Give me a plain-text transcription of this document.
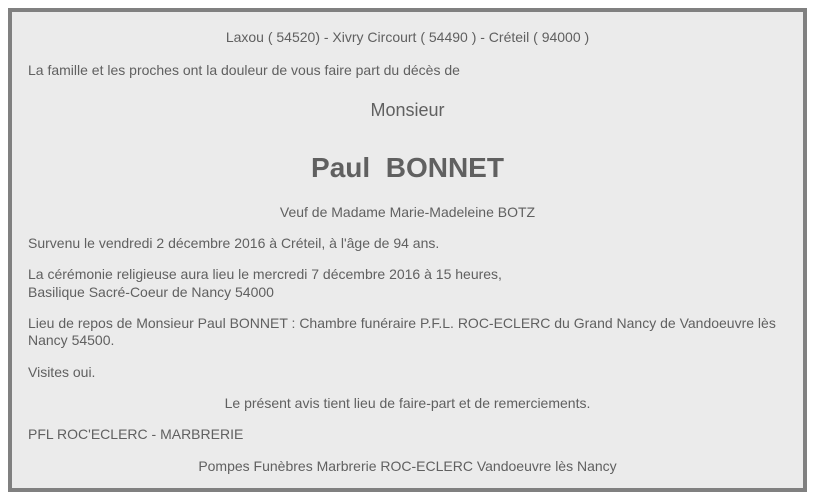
Laxou ( 54520) - Xivry Circourt ( 54490 ) - Créteil ( 94000 )
La famille et les proches ont la douleur de vous faire part du décès de
Monsieur
Paul  BONNET
Veuf de Madame Marie-Madeleine BOTZ
Survenu le vendredi 2 décembre 2016 à Créteil, à l'âge de 94 ans.
La cérémonie religieuse aura lieu le mercredi 7 décembre 2016 à 15 heures,
Basilique Sacré-Coeur de Nancy 54000
Lieu de repos de Monsieur Paul BONNET : Chambre funéraire P.F.L. ROC-ECLERC du Grand Nancy de Vandoeuvre lès Nancy 54500.
Visites oui.
Le présent avis tient lieu de faire-part et de remerciements.
PFL ROC'ECLERC - MARBRERIE
Pompes Funèbres Marbrerie ROC-ECLERC Vandoeuvre lès Nancy
